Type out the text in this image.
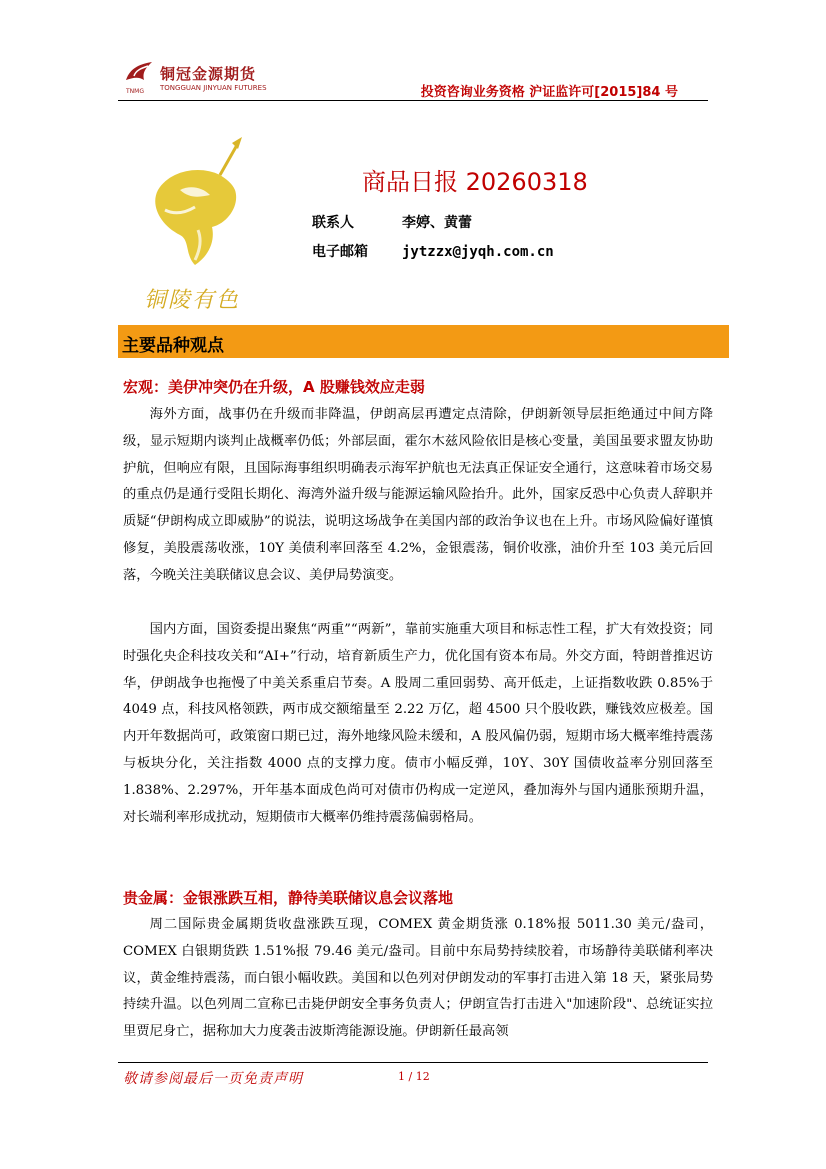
铜冠金源期货
TONGGUAN JINYUAN FUTURES
TNMG	投资咨询业务资格 沪证监许可[2015]84 号
铜陵有色
商品日报 20260318
联系人	李婷、黄蕾
电子邮箱 jytzzx@jyqh.com.cn
主要品种观点
宏观：美伊冲突仍在升级，A 股赚钱效应走弱

海外方面，战事仍在升级而非降温，伊朗高层再遭定点清除，伊朗新领导层拒绝通过中间方降级，显示短期内谈判止战概率仍低；外部层面，霍尔木兹风险依旧是核心变量，美国虽要求盟友协助护航，但响应有限，且国际海事组织明确表示海军护航也无法真正保证安全通行，这意味着市场交易的重点仍是通行受阻长期化、海湾外溢升级与能源运输风险抬升。此外，国家反恐中心负责人辞职并质疑“伊朗构成立即威胁”的说法，说明这场战争在美国内部的政治争议也在上升。市场风险偏好谨慎修复，美股震荡收涨，10Y 美债利率回落至 4.2%，金银震荡，铜价收涨，油价升至 103 美元后回落，今晚关注美联储议息会议、美伊局势演变。

国内方面，国资委提出聚焦“两重”“两新”，靠前实施重大项目和标志性工程，扩大有效投资；同时强化央企科技攻关和“AI+”行动，培育新质生产力，优化国有资本布局。外交方面，特朗普推迟访华，伊朗战争也拖慢了中美关系重启节奏。A 股周二重回弱势、高开低走，上证指数收跌 0.85%于 4049 点，科技风格领跌，两市成交额缩量至 2.22 万亿，超 4500 只个股收跌，赚钱效应极差。国内开年数据尚可，政策窗口期已过，海外地缘风险未缓和，A 股风偏仍弱，短期市场大概率维持震荡与板块分化，关注指数 4000 点的支撑力度。债市小幅反弹，10Y、30Y 国债收益率分别回落至 1.838%、2.297%，开年基本面成色尚可对债市仍构成一定逆风，叠加海外与国内通胀预期升温，对长端利率形成扰动，短期债市大概率仍维持震荡偏弱格局。

贵金属：金银涨跌互相，静待美联储议息会议落地

周二国际贵金属期货收盘涨跌互现，COMEX 黄金期货涨 0.18%报 5011.30 美元/盎司，COMEX 白银期货跌 1.51%报 79.46 美元/盎司。目前中东局势持续胶着，市场静待美联储利率决议，黄金维持震荡，而白银小幅收跌。美国和以色列对伊朗发动的军事打击进入第 18 天，紧张局势持续升温。以色列周二宣称已击毙伊朗安全事务负责人；伊朗宣告打击进入"加速阶段"、总统证实拉里贾尼身亡，据称加大力度袭击波斯湾能源设施。伊朗新任最高领

敬请参阅最后一页免责声明	1 / 12
